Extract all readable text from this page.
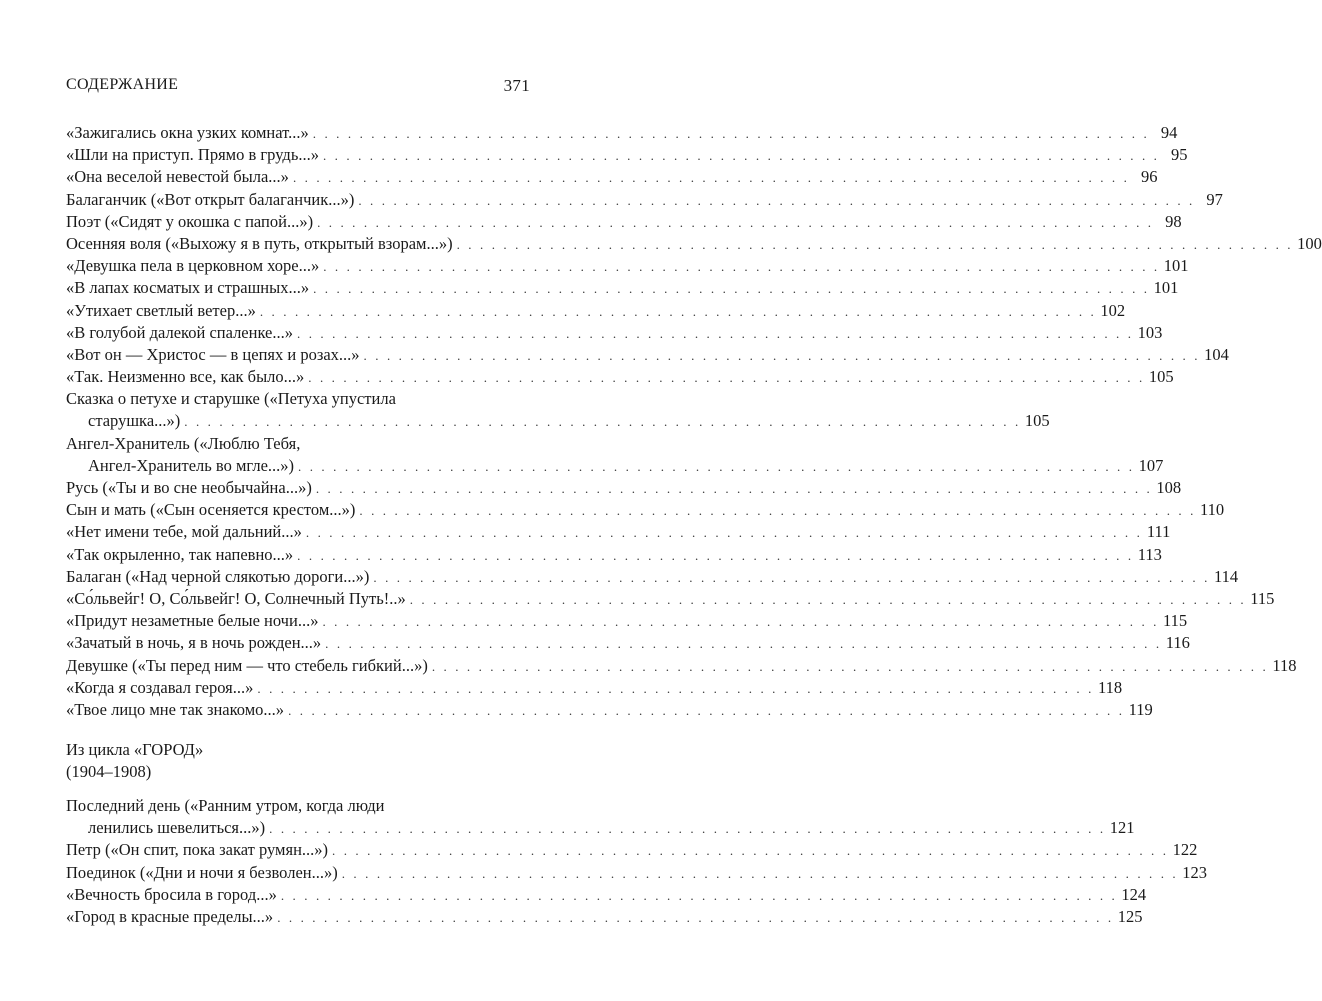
СОДЕРЖАНИЕ	371
«Зажигались окна узких комнат...» . . .	94
«Шли на приступ. Прямо в грудь...» . . .	95
«Она веселой невестой была...» . . .	96
Балаганчик («Вот открыт балаганчик...») . . .	97
Поэт («Сидят у окошка с папой...») . . .	98
Осенняя воля («Выхожу я в путь, открытый взорам...») . . .	100
«Девушка пела в церковном хоре...» . . .	101
«В лапах косматых и страшных...» . . .	101
«Утихает светлый ветер...» . . .	102
«В голубой далекой спаленке...» . . .	103
«Вот он — Христос — в цепях и розах...» . . .	104
«Так. Неизменно все, как было...» . . .	105
Сказка о петухе и старушке («Петуха упустила
старушка...») . . .	105
Ангел-Хранитель («Люблю Тебя,
Ангел-Хранитель во мгле...») . . .	107
Русь («Ты и во сне необычайна...») . . .	108
Сын и мать («Сын осеняется крестом...») . . .	110
«Нет имени тебе, мой дальний...» . . .	111
«Так окрыленно, так напевно...» . . .	113
Балаган («Над черной слякотью дороги...») . . .	114
«Со́львейг! О, Со́львейг! О, Солнечный Путь!..» . . .	115
«Придут незаметные белые ночи...» . . .	115
«Зачатый в ночь, я в ночь рожден...» . . .	116
Девушке («Ты перед ним — что стебель гибкий...») . . .	118
«Когда я создавал героя...» . . .	118
«Твое лицо мне так знакомо...» . . .	119
Из цикла «ГОРОД»
(1904–1908)
Последний день («Ранним утром, когда люди
ленились шевелиться...») . . .	121
Петр («Он спит, пока закат румян...») . . .	122
Поединок («Дни и ночи я безволен...») . . .	123
«Вечность бросила в город...» . . .	124
«Город в красные пределы...» . . .	125
